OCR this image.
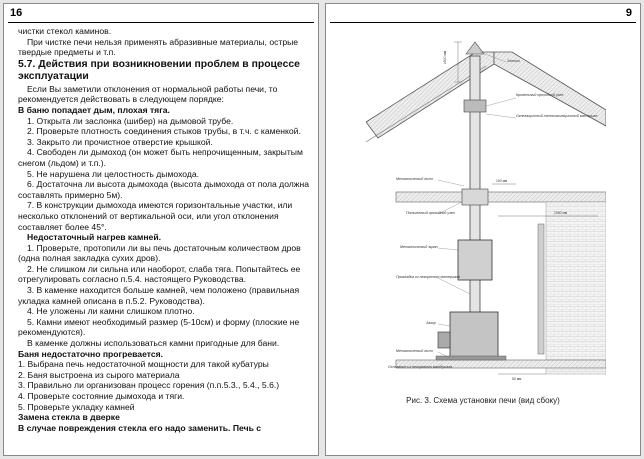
16

чистки стекол каминов.

При чистке печи нельзя применять абразивные материалы, острые твердые предметы и т.п.

5.7. Действия при возникновении проблем в процессе эксплуатации

Если Вы заметили отклонения от нормальной работы печи, то рекомендуется действовать в следующем порядке:

В баню попадает дым, плохая тяга.

1. Открыта ли заслонка (шибер) на дымовой трубе.

2. Проверьте плотность соединения стыков трубы, в т.ч. с каменкой.

3. Закрыто ли прочистное отверстие крышкой.

4. Свободен ли дымоход (он может быть непрочищенным, закрытым снегом (льдом) и т.п.).

5. Не нарушена ли целостность дымохода.

6. Достаточна ли высота дымохода (высота дымохода от пола должна составлять примерно 5м).

7. В конструкции дымохода имеются горизонтальные участки, или несколько отклонений от вертикальной оси, или угол отклонения составляет более 45°.

Недостаточный нагрев камней.

1. Проверьте, протопили ли вы печь достаточным количеством дров (одна полная закладка сухих дров).

2. Не слишком ли сильна или наоборот, слаба тяга. Попытайтесь ее отрегулировать согласно п.5.4. настоящего Руководства.

3. В каменке находится больше камней, чем положено (правильная укладка камней описана в п.5.2. Руководства).

4. Не уложены ли камни слишком плотно.

5. Камни имеют необходимый размер (5-10см) и форму (плоские не рекомендуются).

В каменке должны использоваться камни пригодные для бани.

Баня недостаточно прогревается.

1. Выбрана печь недостаточной мощности для такой кубатуры

2. Баня выстроена из сырого материала

3. Правильно ли организован процесс горения (п.п.5.3., 5.4., 5.6.)

4. Проверьте состояние дымохода и тяги.

5. Проверьте укладку камней

Замена стекла в дверке

В случае повреждения стекла его надо заменить. Печь с

9
≥500 мм	Зонтик
Кровельный проходной узел
Огнезащитный теплоизоляционный материал
Металлический лист	100 мм
Потолочный проходной узел	1000 мм
Металлический экран
Прокладка из негорючего материала
Зазор
Металлический лист
Основание из негорючего материала
50 мм
Рис. 3. Схема установки печи (вид сбоку)
